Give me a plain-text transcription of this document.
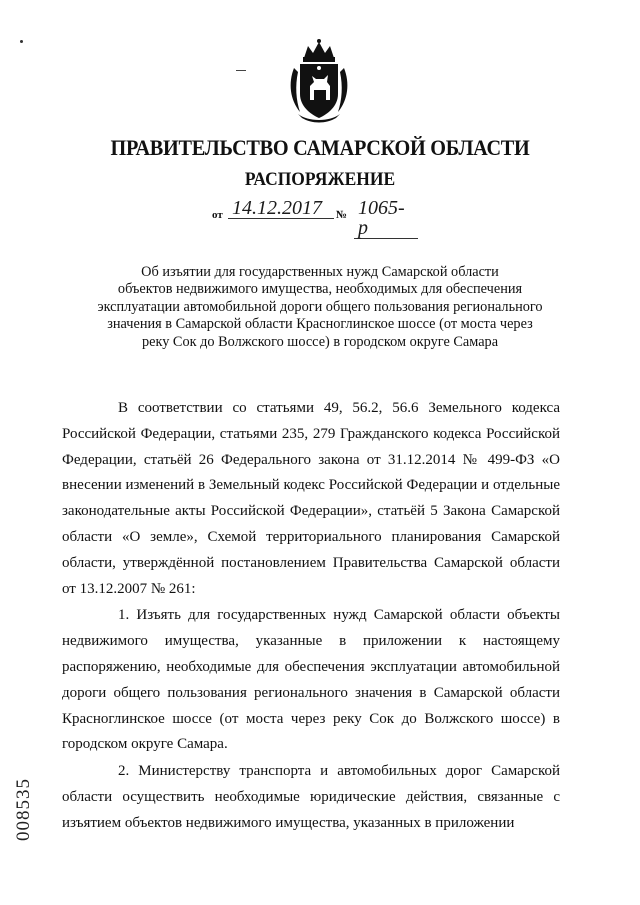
ПРАВИТЕЛЬСТВО САМАРСКОЙ ОБЛАСТИ
РАСПОРЯЖЕНИЕ
от 14.12.2017	№ 1065-р
Об изъятии для государственных нужд Самарской области
объектов недвижимого имущества, необходимых для обеспечения
эксплуатации автомобильной дороги общего пользования регионального
значения в Самарской области Красноглинское шоссе (от моста через
реку Сок до Волжского шоссе) в городском округе Самара

В соответствии со статьями 49, 56.2, 56.6 Земельного кодекса Российской Федерации, статьями 235, 279 Гражданского кодекса Российской Федерации, статьёй 26 Федерального закона от 31.12.2014 № 499-ФЗ «О внесении изменений в Земельный кодекс Российской Федерации и отдельные законодательные акты Российской Федерации», статьёй 5 Закона Самарской области «О земле», Схемой территориального планирования Самарской области, утверждённой постановлением Правительства Самарской области от 13.12.2007 № 261:

1. Изъять для государственных нужд Самарской области объекты недвижимого имущества, указанные в приложении к настоящему распоряжению, необходимые для обеспечения эксплуатации автомобильной дороги общего пользования регионального значения в Самарской области Красноглинское шоссе (от моста через реку Сок до Волжского шоссе) в городском округе Самара.

2. Министерству транспорта и автомобильных дорог Самарской области осуществить необходимые юридические действия, связанные с изъятием объектов недвижимого имущества, указанных в приложении

008535
